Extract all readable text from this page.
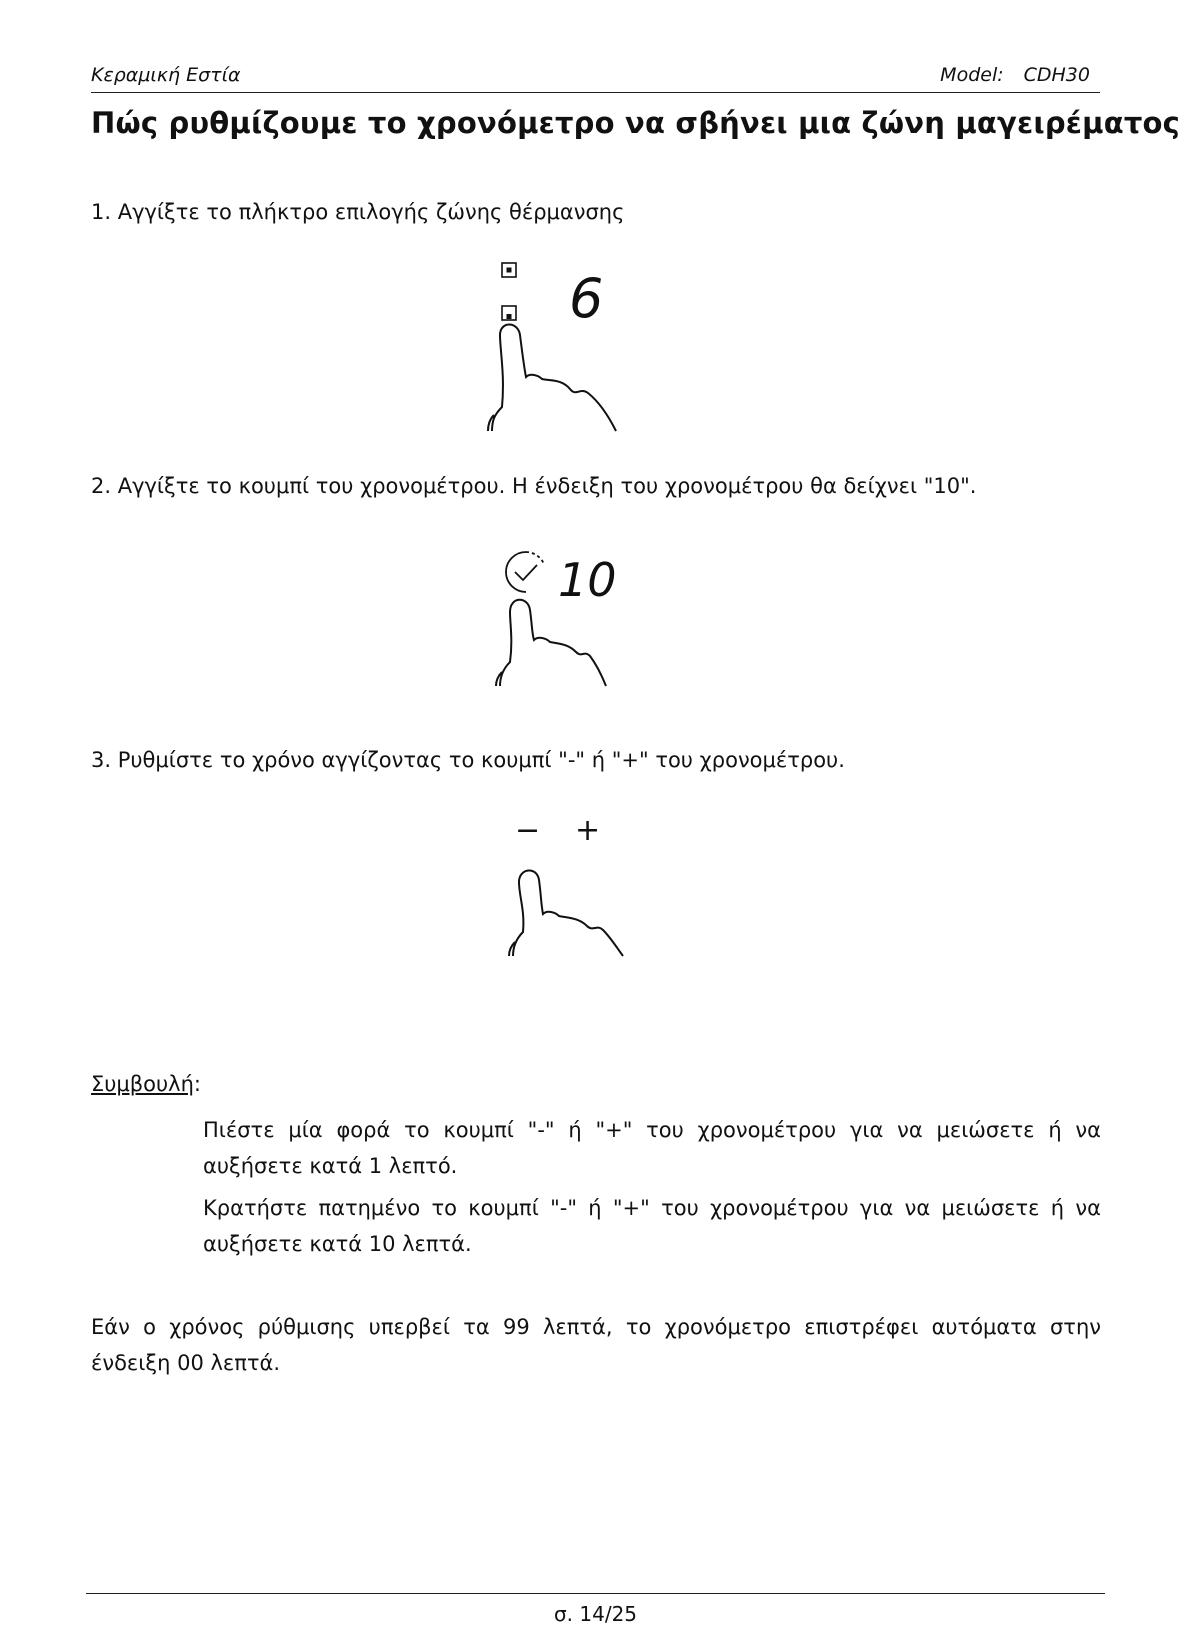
Κεραμική Εστία	Model: CDH30
Πώς ρυθμίζουμε το χρονόμετρο να σβήνει μια ζώνη μαγειρέματος

1. Αγγίξτε το πλήκτρο επιλογής ζώνης θέρμανσης

6

2. Αγγίξτε το κουμπί του χρονομέτρου. Η ένδειξη του χρονομέτρου θα δείχνει "10".

10

3. Ρυθμίστε το χρόνο αγγίζοντας το κουμπί "-" ή "+" του χρονομέτρου.

− +
Συμβουλή:

Πιέστε μία φορά το κουμπί "-" ή "+" του χρονομέτρου για να μειώσετε ή να αυξήσετε κατά 1 λεπτό.

Κρατήστε πατημένο το κουμπί "-" ή "+" του χρονομέτρου για να μειώσετε ή να αυξήσετε κατά 10 λεπτά.

Εάν ο χρόνος ρύθμισης υπερβεί τα 99 λεπτά, το χρονόμετρο επιστρέφει αυτόματα στην ένδειξη 00 λεπτά.

σ. 14/25
